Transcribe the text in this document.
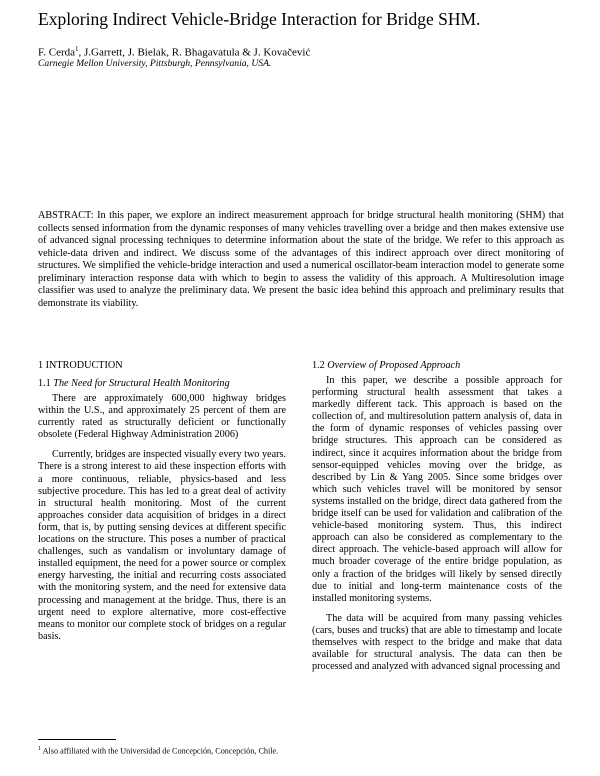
Exploring Indirect Vehicle-Bridge Interaction for Bridge SHM.
F. Cerda$^1$, J.Garrett, J. Bielak, R. Bhagavatula & J. Kovačević
Carnegie Mellon University, Pittsburgh, Pennsylvania, USA.
ABSTRACT: In this paper, we explore an indirect measurement approach for bridge structural health monitoring (SHM) that collects sensed information from the dynamic responses of many vehicles travelling over a bridge and then makes extensive use of advanced signal processing techniques to determine information about the state of the bridge. We refer to this approach as vehicle-data driven and indirect. We discuss some of the advantages of this indirect approach over direct monitoring of structures. We simplified the vehicle-bridge interaction and used a numerical oscillator-beam interaction model to generate some preliminary interaction response data with which to begin to assess the validity of this approach. A Multiresolution image classifier was used to analyze the preliminary data. We present the basic idea behind this approach and preliminary results that demonstrate its viability.
1 INTRODUCTION
1.1 The Need for Structural Health Monitoring

There are approximately 600,000 highway bridges within the U.S., and approximately 25 percent of them are currently rated as structurally deficient or functionally obsolete (Federal Highway Administration 2006)

Currently, bridges are inspected visually every two years. There is a strong interest to aid these inspection efforts with a more continuous, reliable, physics-based and less subjective procedure. This has led to a great deal of activity in structural health monitoring. Most of the current approaches consider data acquisition of bridges in a direct form, that is, by putting sensing devices at different specific locations on the structure. This poses a number of practical challenges, such as vandalism or involuntary damage of installed equipment, the need for a power source or complex energy harvesting, the initial and recurring costs associated with the monitoring system, and the need for extensive data processing and management at the bridge. Thus, there is an urgent need to explore alternative, more cost-effective means to monitor our complete stock of bridges on a regular basis.

1.2 Overview of Proposed Approach

In this paper, we describe a possible approach for performing structural health assessment that takes a markedly different tack. This approach is based on the collection of, and multiresolution pattern analysis of, data in the form of dynamic responses of vehicles passing over bridge structures. This approach can be considered as indirect, since it acquires information about the bridge from sensor-equipped vehicles moving over the bridge, as described by Lin & Yang 2005. Since some bridges over which such vehicles travel will be monitored by sensor systems installed on the bridge, direct data gathered from the bridge itself can be used for validation and calibration of the vehicle-based monitoring system. Thus, this indirect approach can also be considered as complementary to the direct approach. The vehicle-based approach will allow for much broader coverage of the entire bridge population, as only a fraction of the bridges will likely by sensed directly due to initial and long-term maintenance costs of the installed monitoring systems.

The data will be acquired from many passing vehicles (cars, buses and trucks) that are able to timestamp and locate themselves with respect to the bridge and make that data available for structural analysis. The data can then be processed and analyzed with advanced signal processing and

$^1$ Also affiliated with the Universidad de Concepción, Concepción, Chile.
